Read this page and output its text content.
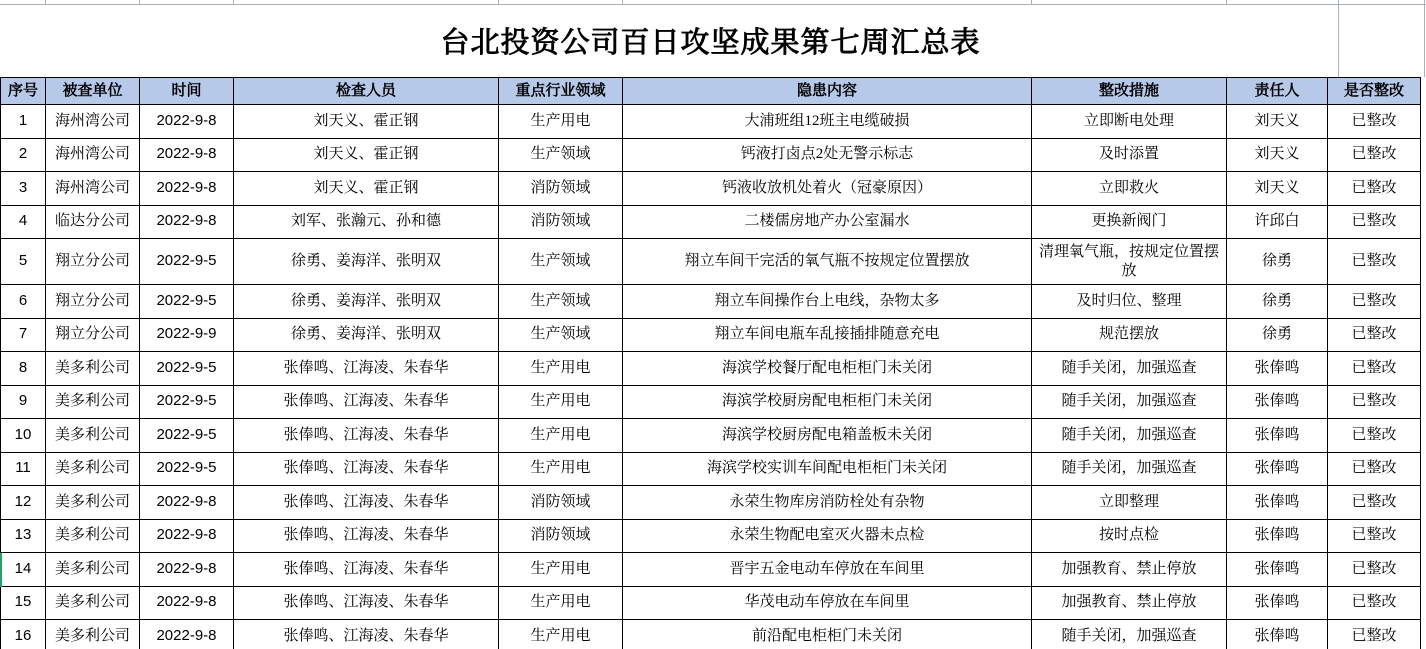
台北投资公司百日攻坚成果第七周汇总表
序号	被查单位	时间	检查人员	重点行业领域	隐患内容	整改措施	责任人	是否整改
1	海州湾公司	2022-9-8	刘天义、霍正钢	生产用电	大浦班组12班主电缆破损	立即断电处理	刘天义	已整改
2	海州湾公司	2022-9-8	刘天义、霍正钢	生产领域	钙液打卤点2处无警示标志	及时添置	刘天义	已整改
3	海州湾公司	2022-9-8	刘天义、霍正钢	消防领域	钙液收放机处着火（冠豪原因）	立即救火	刘天义	已整改
4	临达分公司	2022-9-8	刘军、张瀚元、孙和德	消防领域	二楼儒房地产办公室漏水	更换新阀门	许邱白	已整改
5	翔立分公司	2022-9-5	徐勇、姜海洋、张明双	生产领域	翔立车间干完活的氧气瓶不按规定位置摆放	清理氧气瓶，按规定位置摆放	徐勇	已整改
6	翔立分公司	2022-9-5	徐勇、姜海洋、张明双	生产领域	翔立车间操作台上电线，杂物太多	及时归位、整理	徐勇	已整改
7	翔立分公司	2022-9-9	徐勇、姜海洋、张明双	生产领域	翔立车间电瓶车乱接插排随意充电	规范摆放	徐勇	已整改
8	美多利公司	2022-9-5	张俸鸣、江海凌、朱春华	生产用电	海滨学校餐厅配电柜柜门未关闭	随手关闭，加强巡查	张俸鸣	已整改
9	美多利公司	2022-9-5	张俸鸣、江海凌、朱春华	生产用电	海滨学校厨房配电柜柜门未关闭	随手关闭，加强巡查	张俸鸣	已整改
10	美多利公司	2022-9-5	张俸鸣、江海凌、朱春华	生产用电	海滨学校厨房配电箱盖板未关闭	随手关闭，加强巡查	张俸鸣	已整改
11	美多利公司	2022-9-5	张俸鸣、江海凌、朱春华	生产用电	海滨学校实训车间配电柜柜门未关闭	随手关闭，加强巡查	张俸鸣	已整改
12	美多利公司	2022-9-8	张俸鸣、江海凌、朱春华	消防领域	永荣生物库房消防栓处有杂物	立即整理	张俸鸣	已整改
13	美多利公司	2022-9-8	张俸鸣、江海凌、朱春华	消防领域	永荣生物配电室灭火器未点检	按时点检	张俸鸣	已整改
14	美多利公司	2022-9-8	张俸鸣、江海凌、朱春华	生产用电	晋宇五金电动车停放在车间里	加强教育、禁止停放	张俸鸣	已整改
15	美多利公司	2022-9-8	张俸鸣、江海凌、朱春华	生产用电	华茂电动车停放在车间里	加强教育、禁止停放	张俸鸣	已整改
16	美多利公司	2022-9-8	张俸鸣、江海凌、朱春华	生产用电	前沿配电柜柜门未关闭	随手关闭，加强巡查	张俸鸣	已整改
